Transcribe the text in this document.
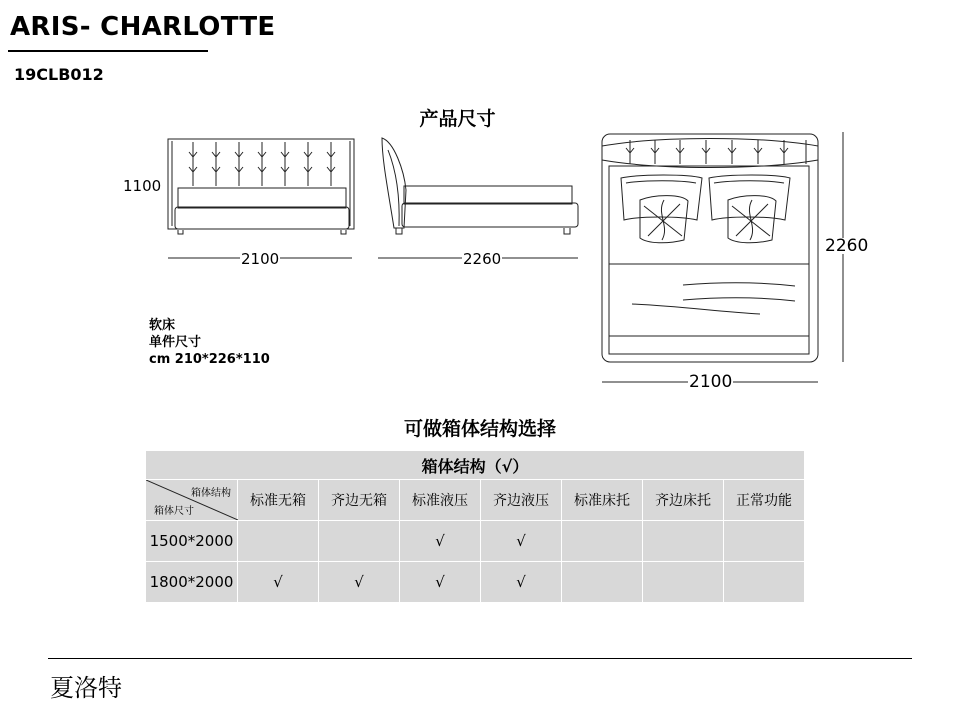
ARIS- CHARLOTTE
19CLB012
产品尺寸
1100
2100	2260
2260
2100
软床
单件尺寸
cm 210*226*110
可做箱体结构选择
箱体结构（√）							

箱体结构
箱体尺寸	标准无箱	齐边无箱	标准液压	齐边液压	标准床托	齐边床托	正常功能
1500*2000			√	√			
1800*2000	√	√	√	√			
夏洛特
